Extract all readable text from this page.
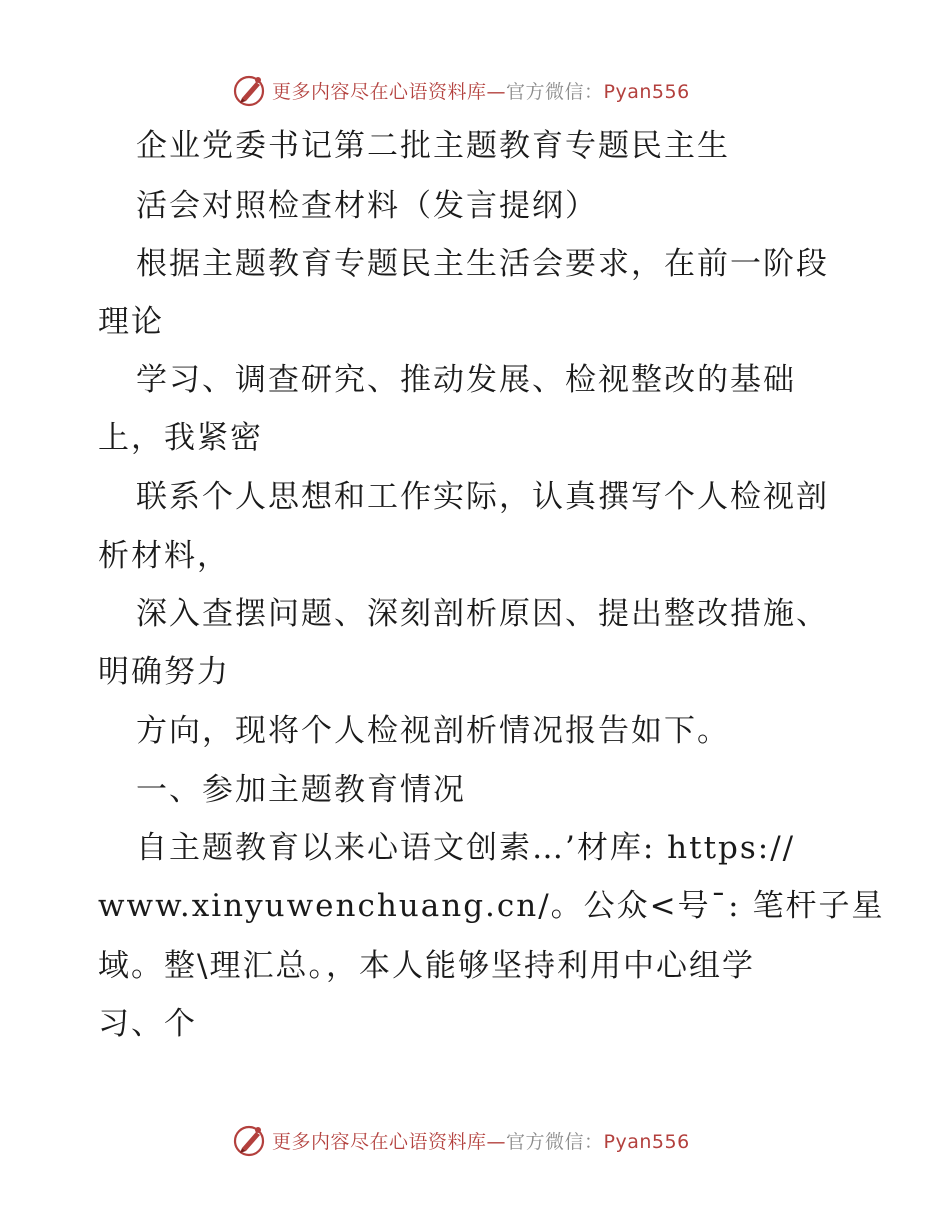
更多内容尽在心语资料库—官方微信：Pyan556
企业党委书记第二批主题教育专题民主生
活会对照检查材料（发言提纲）
根据主题教育专题民主生活会要求，在前一阶段
理论
学习、调查研究、推动发展、检视整改的基础
上，我紧密
联系个人思想和工作实际，认真撰写个人检视剖
析材料，
深入查摆问题、深刻剖析原因、提出整改措施、
明确努力
方向，现将个人检视剖析情况报告如下。
一、参加主题教育情况
自主题教育以来心语文创素…’材库: https://
www.xinyuwenchuang.cn/。公众<号¯: 笔杆子星
域。整\理汇总。，本人能够坚持利用中心组学
习、个
更多内容尽在心语资料库—官方微信：Pyan556
